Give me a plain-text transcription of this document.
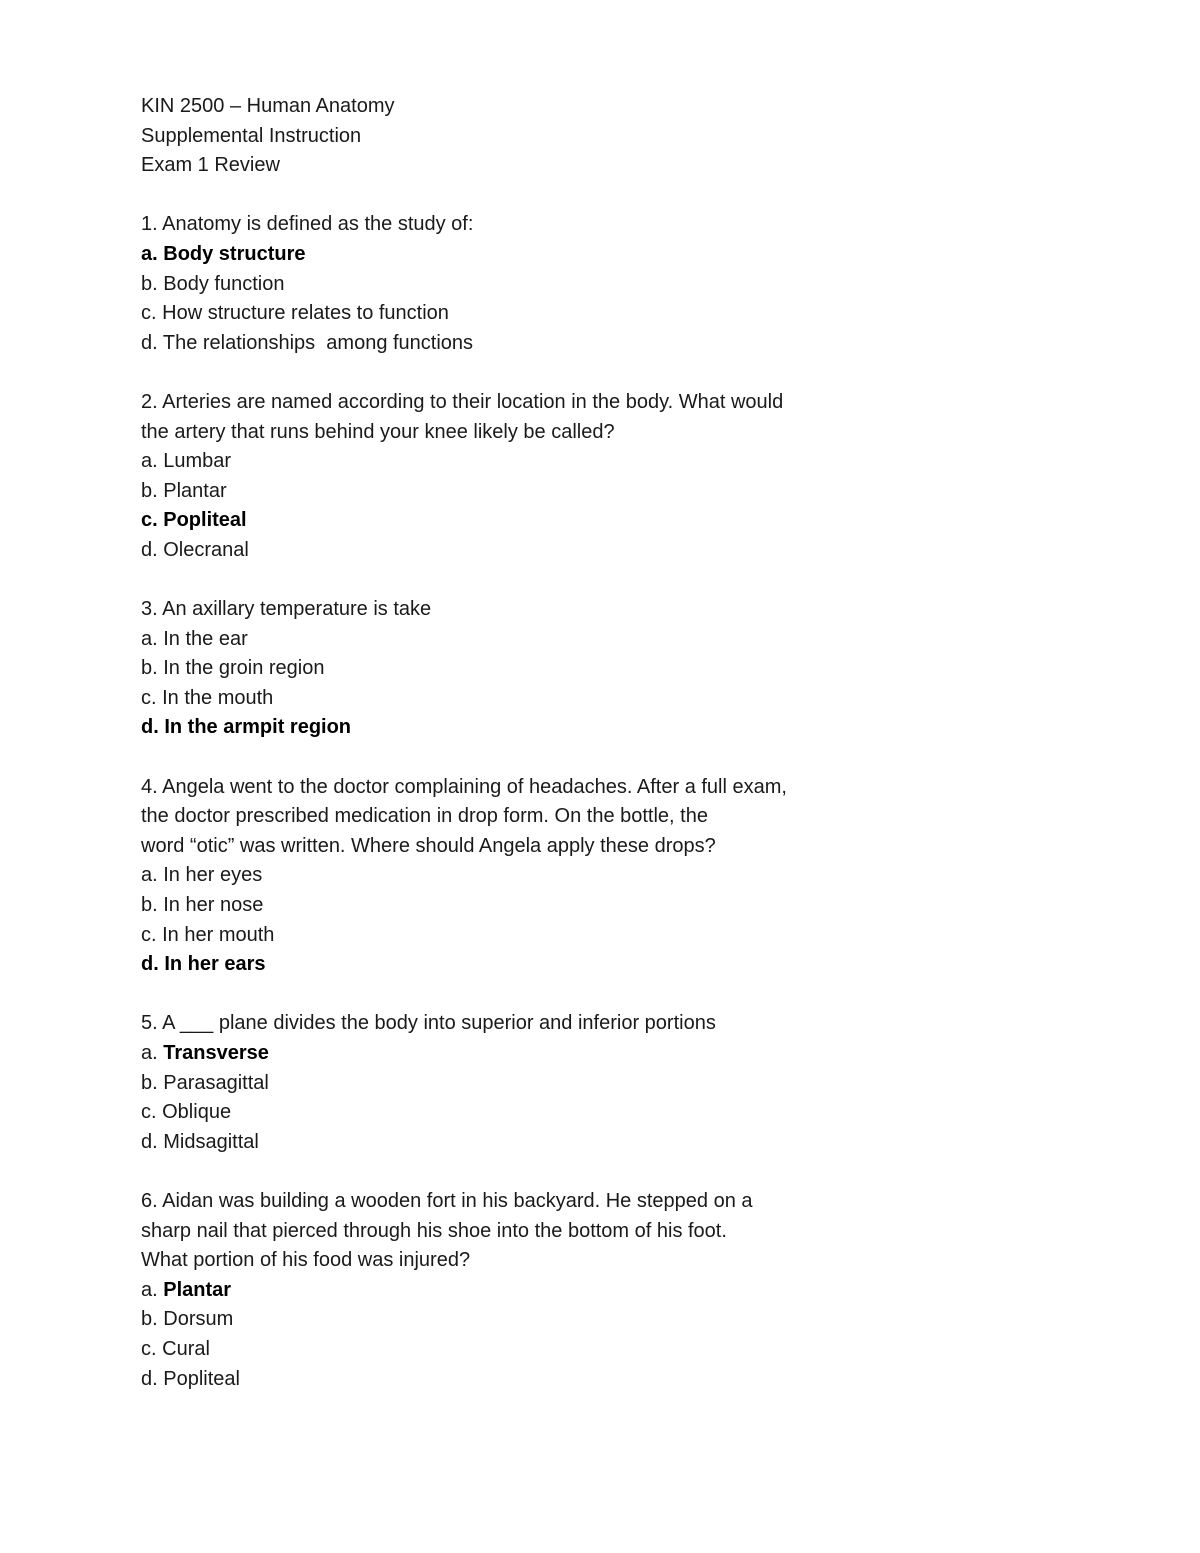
KIN 2500 – Human Anatomy
Supplemental Instruction
Exam 1 Review
1. Anatomy is defined as the study of:
a. Body structure
b. Body function
c. How structure relates to function
d. The relationships  among functions
2. Arteries are named according to their location in the body. What would
the artery that runs behind your knee likely be called?
a. Lumbar
b. Plantar
c. Popliteal
d. Olecranal
3. An axillary temperature is take
a. In the ear
b. In the groin region
c. In the mouth
d. In the armpit region
4. Angela went to the doctor complaining of headaches. After a full exam,
the doctor prescribed medication in drop form. On the bottle, the
word “otic” was written. Where should Angela apply these drops?
a. In her eyes
b. In her nose
c. In her mouth
d. In her ears
5. A ___ plane divides the body into superior and inferior portions
a. Transverse
b. Parasagittal
c. Oblique
d. Midsagittal
6. Aidan was building a wooden fort in his backyard. He stepped on a
sharp nail that pierced through his shoe into the bottom of his foot.
What portion of his food was injured?
a. Plantar
b. Dorsum
c. Cural
d. Popliteal
